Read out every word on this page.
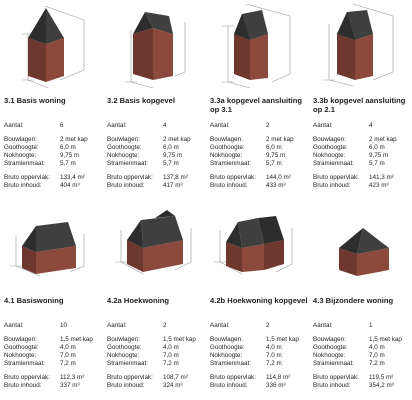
3.1 Basis woning
Aantal:	6
Bouwlagen:	2 met kap
Goothoogte:	6,0 m
Nokhoogte:	9,75 m
Stramienmaat: 5,7 m
Bruto oppervlak: 133,4 m²
Bruto inhoud:	404 m³
3.2 Basis kopgevel
Aantal:	4
Bouwlagen:	2 met kap
Goothoogte:	6,0 m
Nokhoogte:	9,75 m
Stramienmaat: 5,7 m
Bruto oppervlak: 137,8 m²
Bruto inhoud:	417 m³
3.3a kopgevel aansluiting op 3.1
Aantal:	2
Bouwlagen:	2 met kap
Goothoogte:	6,0 m
Nokhoogte:	9,75 m
Stramienmaat: 5,7 m
Bruto oppervlak: 144,0 m²
Bruto inhoud:	433 m³
3.3b kopgevel aansluiting op 2.1
Aantal:	4
Bouwlagen:	2 met kap
Goothoogte:	6,0 m
Nokhoogte:	9,75 m
Stramienmaat: 5,7 m
Bruto oppervlak: 141,3 m²
Bruto inhoud:	423 m³
4.1 Basiswoning
Aantal:	10
Bouwlagen:	1,5 met kap
Goothoogte:	4,0 m
Nokhoogte:	7,0 m
Stramienmaat: 7,2 m
Bruto oppervlak: 112,3 m²
Bruto inhoud:	337 m³
4.2a Hoekwoning
Aantal:	2
Bouwlagen:	1,5 met kap
Goothoogte:	4,0 m
Nokhoogte:	7,0 m
Stramienmaat: 7,2 m
Bruto oppervlak: 108,7 m²
Bruto inhoud:	324 m³
4.2b Hoekwoning kopgevel
Aantal:	2
Bouwlagen:	1,5 met kap
Goothoogte:	4,0 m
Nokhoogte:	7,0 m
Stramienmaat: 7,2 m
Bruto oppervlak: 114,8 m²
Bruto inhoud:	336 m³
4.3 Bijzondere woning
Aantal:	1
Bouwlagen:	1,5 met kap
Goothoogte:	4,0 m
Nokhoogte:	7,0 m
Stramienmaat: 7,2 m
Bruto oppervlak: 119,5 m²
Bruto inhoud:	354,2 m³
